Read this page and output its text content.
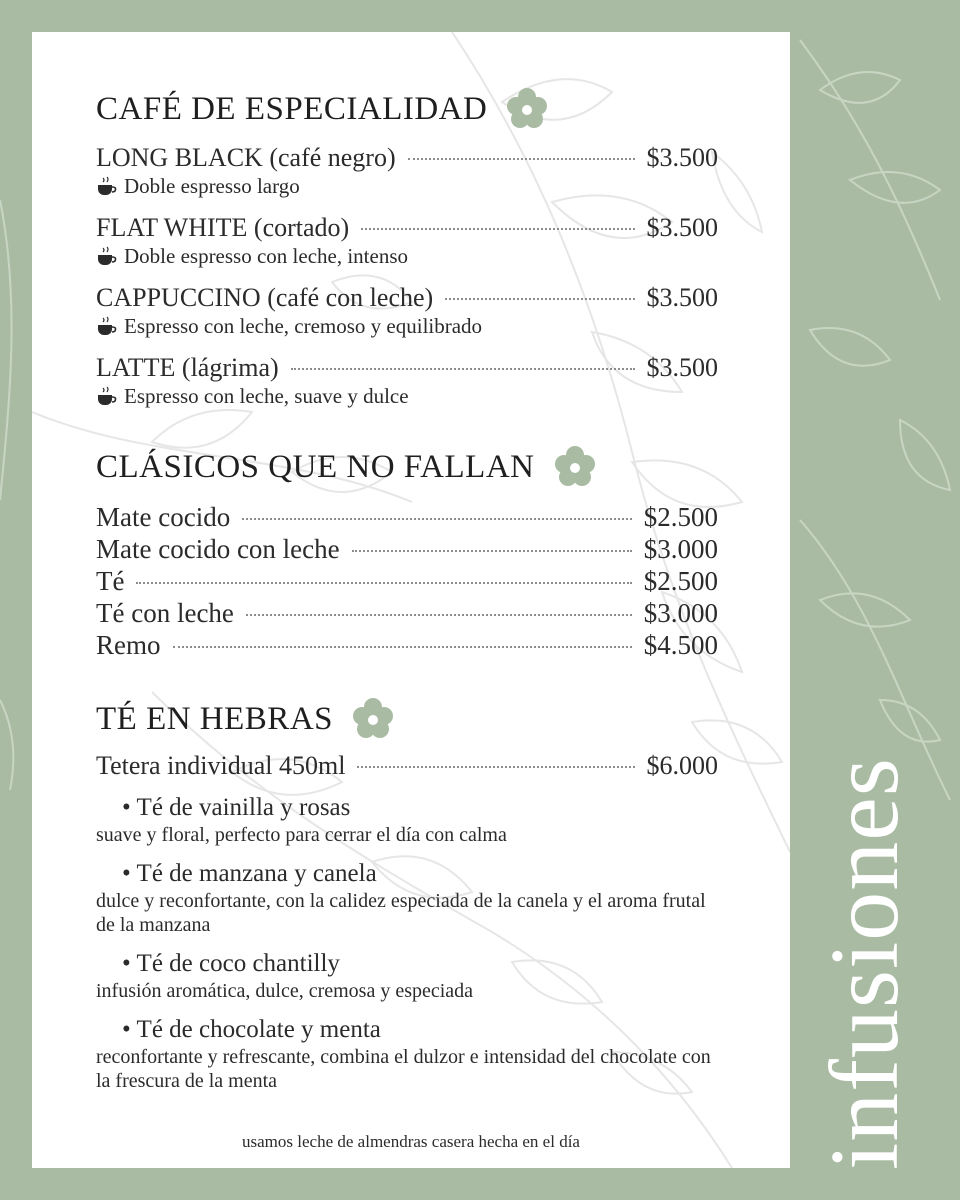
CAFÉ DE ESPECIALIDAD
LONG BLACK (café negro)	$3.500
Doble espresso largo
FLAT WHITE (cortado)	$3.500
Doble espresso con leche, intenso
CAPPUCCINO (café con leche)	$3.500
Espresso con leche, cremoso y equilibrado
LATTE (lágrima)	$3.500
Espresso con leche, suave y dulce
CLÁSICOS QUE NO FALLAN
Mate cocido	$2.500
Mate cocido con leche	$3.000
Té	$2.500
Té con leche	$3.000
Remo	$4.500
TÉ EN HEBRAS
Tetera individual 450ml	$6.000
• Té de vainilla y rosas
suave y floral, perfecto para cerrar el día con calma
• Té de manzana y canela
dulce y reconfortante, con la calidez especiada de la canela y el aroma frutal de la manzana
• Té de coco chantilly
infusión aromática, dulce, cremosa y especiada
• Té de chocolate y menta
reconfortante y refrescante, combina el dulzor e intensidad del chocolate con la frescura de la menta
usamos leche de almendras casera hecha en el día	infusiones
